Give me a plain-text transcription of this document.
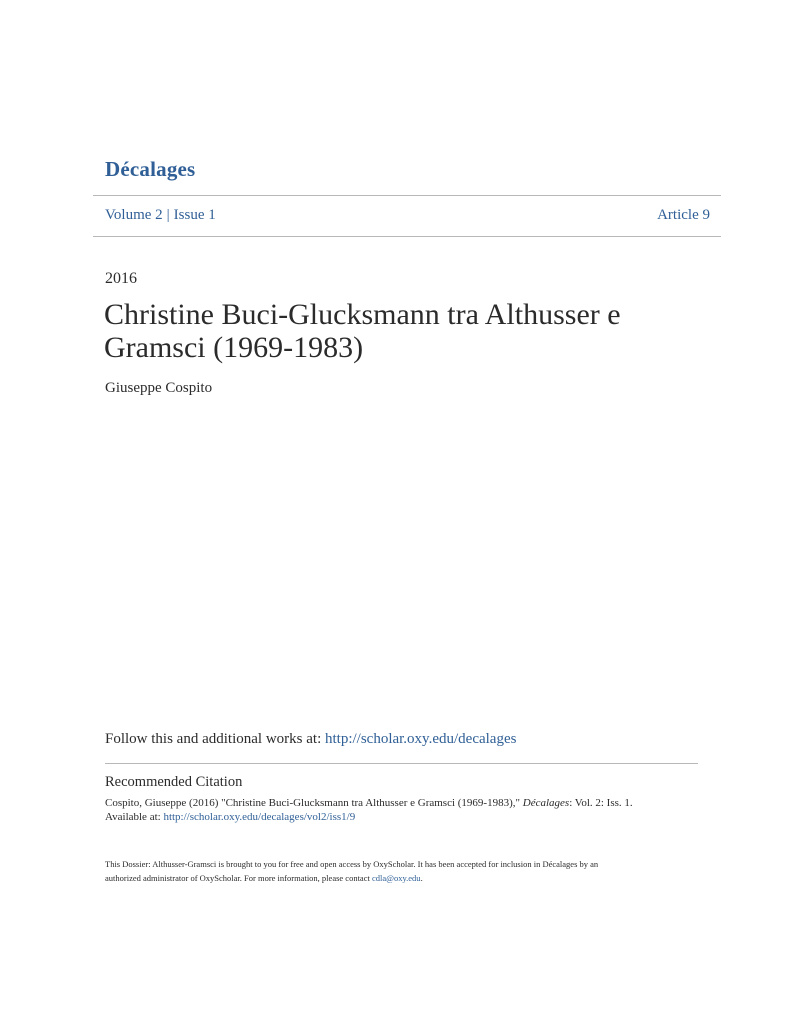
Décalages
Volume 2 | Issue 1	Article 9
2016
Christine Buci-Glucksmann tra Althusser e Gramsci (1969-1983)
Giuseppe Cospito
Follow this and additional works at: http://scholar.oxy.edu/decalages
Recommended Citation
Cospito, Giuseppe (2016) "Christine Buci-Glucksmann tra Althusser e Gramsci (1969-1983)," Décalages: Vol. 2: Iss. 1.
Available at: http://scholar.oxy.edu/decalages/vol2/iss1/9
This Dossier: Althusser-Gramsci is brought to you for free and open access by OxyScholar. It has been accepted for inclusion in Décalages by an
authorized administrator of OxyScholar. For more information, please contact cdla@oxy.edu.
